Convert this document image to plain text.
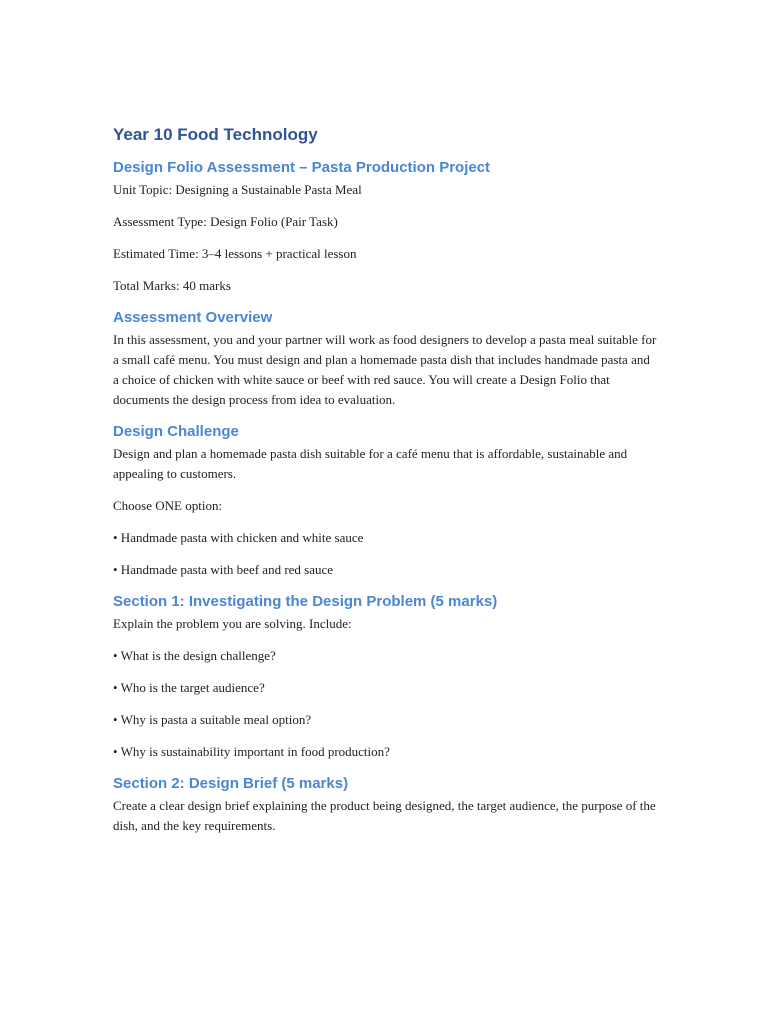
Year 10 Food Technology
Design Folio Assessment – Pasta Production Project
Unit Topic: Designing a Sustainable Pasta Meal
Assessment Type: Design Folio (Pair Task)
Estimated Time: 3–4 lessons + practical lesson
Total Marks: 40 marks
Assessment Overview
In this assessment, you and your partner will work as food designers to develop a pasta meal suitable for a small café menu. You must design and plan a homemade pasta dish that includes handmade pasta and a choice of chicken with white sauce or beef with red sauce. You will create a Design Folio that documents the design process from idea to evaluation.
Design Challenge
Design and plan a homemade pasta dish suitable for a café menu that is affordable, sustainable and appealing to customers.
Choose ONE option:
• Handmade pasta with chicken and white sauce
• Handmade pasta with beef and red sauce
Section 1: Investigating the Design Problem (5 marks)
Explain the problem you are solving. Include:
• What is the design challenge?
• Who is the target audience?
• Why is pasta a suitable meal option?
• Why is sustainability important in food production?
Section 2: Design Brief (5 marks)
Create a clear design brief explaining the product being designed, the target audience, the purpose of the dish, and the key requirements.
